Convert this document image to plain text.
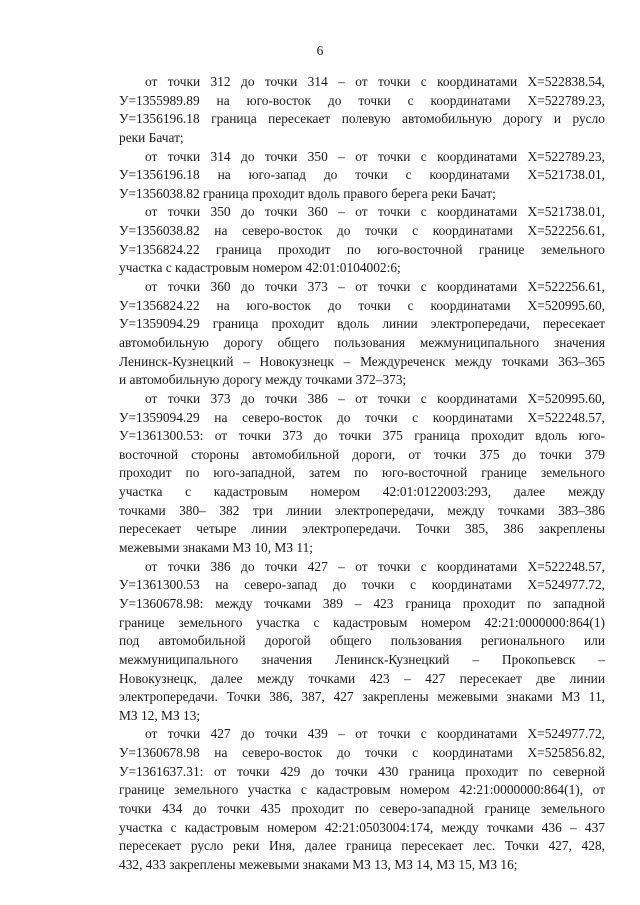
6
от точки 312 до точки 314 – от точки с координатами Х=522838.54,
У=1355989.89 на юго-восток до точки с координатами Х=522789.23,
У=1356196.18 граница пересекает полевую автомобильную дорогу и русло
реки Бачат;
от точки 314 до точки 350 – от точки с координатами Х=522789.23,
У=1356196.18 на юго-запад до точки с координатами Х=521738.01,
У=1356038.82 граница проходит вдоль правого берега реки Бачат;
от точки 350 до точки 360 – от точки с координатами Х=521738.01,
У=1356038.82 на северо-восток до точки с координатами Х=522256.61,
У=1356824.22 граница проходит по юго-восточной границе земельного
участка с кадастровым номером 42:01:0104002:6;
от точки 360 до точки 373 – от точки с координатами Х=522256.61,
У=1356824.22 на юго-восток до точки с координатами Х=520995.60,
У=1359094.29 граница проходит вдоль линии электропередачи, пересекает
автомобильную дорогу общего пользования межмуниципального значения
Ленинск-Кузнецкий – Новокузнецк – Междуреченск между точками 363–365
и автомобильную дорогу между точками 372–373;
от точки 373 до точки 386 – от точки с координатами Х=520995.60,
У=1359094.29 на северо-восток до точки с координатами Х=522248.57,
У=1361300.53: от точки 373 до точки 375 граница проходит вдоль юго-
восточной стороны автомобильной дороги, от точки 375 до точки 379
проходит по юго-западной, затем по юго-восточной границе земельного
участка с кадастровым номером 42:01:0122003:293, далее между
точками 380– 382 три линии электропередачи, между точками 383–386
пересекает четыре линии электропередачи. Точки 385, 386 закреплены
межевыми знаками МЗ 10, МЗ 11;
от точки 386 до точки 427 – от точки с координатами Х=522248.57,
У=1361300.53 на северо-запад до точки с координатами Х=524977.72,
У=1360678.98: между точками 389 – 423 граница проходит по западной
границе земельного участка с кадастровым номером 42:21:0000000:864(1)
под автомобильной дорогой общего пользования регионального или
межмуниципального значения Ленинск-Кузнецкий – Прокопьевск –
Новокузнецк, далее между точками 423 – 427 пересекает две линии
электропередачи. Точки 386, 387, 427 закреплены межевыми знаками МЗ 11,
МЗ 12, МЗ 13;
от точки 427 до точки 439 – от точки с координатами Х=524977.72,
У=1360678.98 на северо-восток до точки с координатами Х=525856.82,
У=1361637.31: от точки 429 до точки 430 граница проходит по северной
границе земельного участка с кадастровым номером 42:21:0000000:864(1), от
точки 434 до точки 435 проходит по северо-западной границе земельного
участка с кадастровым номером 42:21:0503004:174, между точками 436 – 437
пересекает русло реки Иня, далее граница пересекает лес. Точки 427, 428,
432, 433 закреплены межевыми знаками МЗ 13, МЗ 14, МЗ 15, МЗ 16;
